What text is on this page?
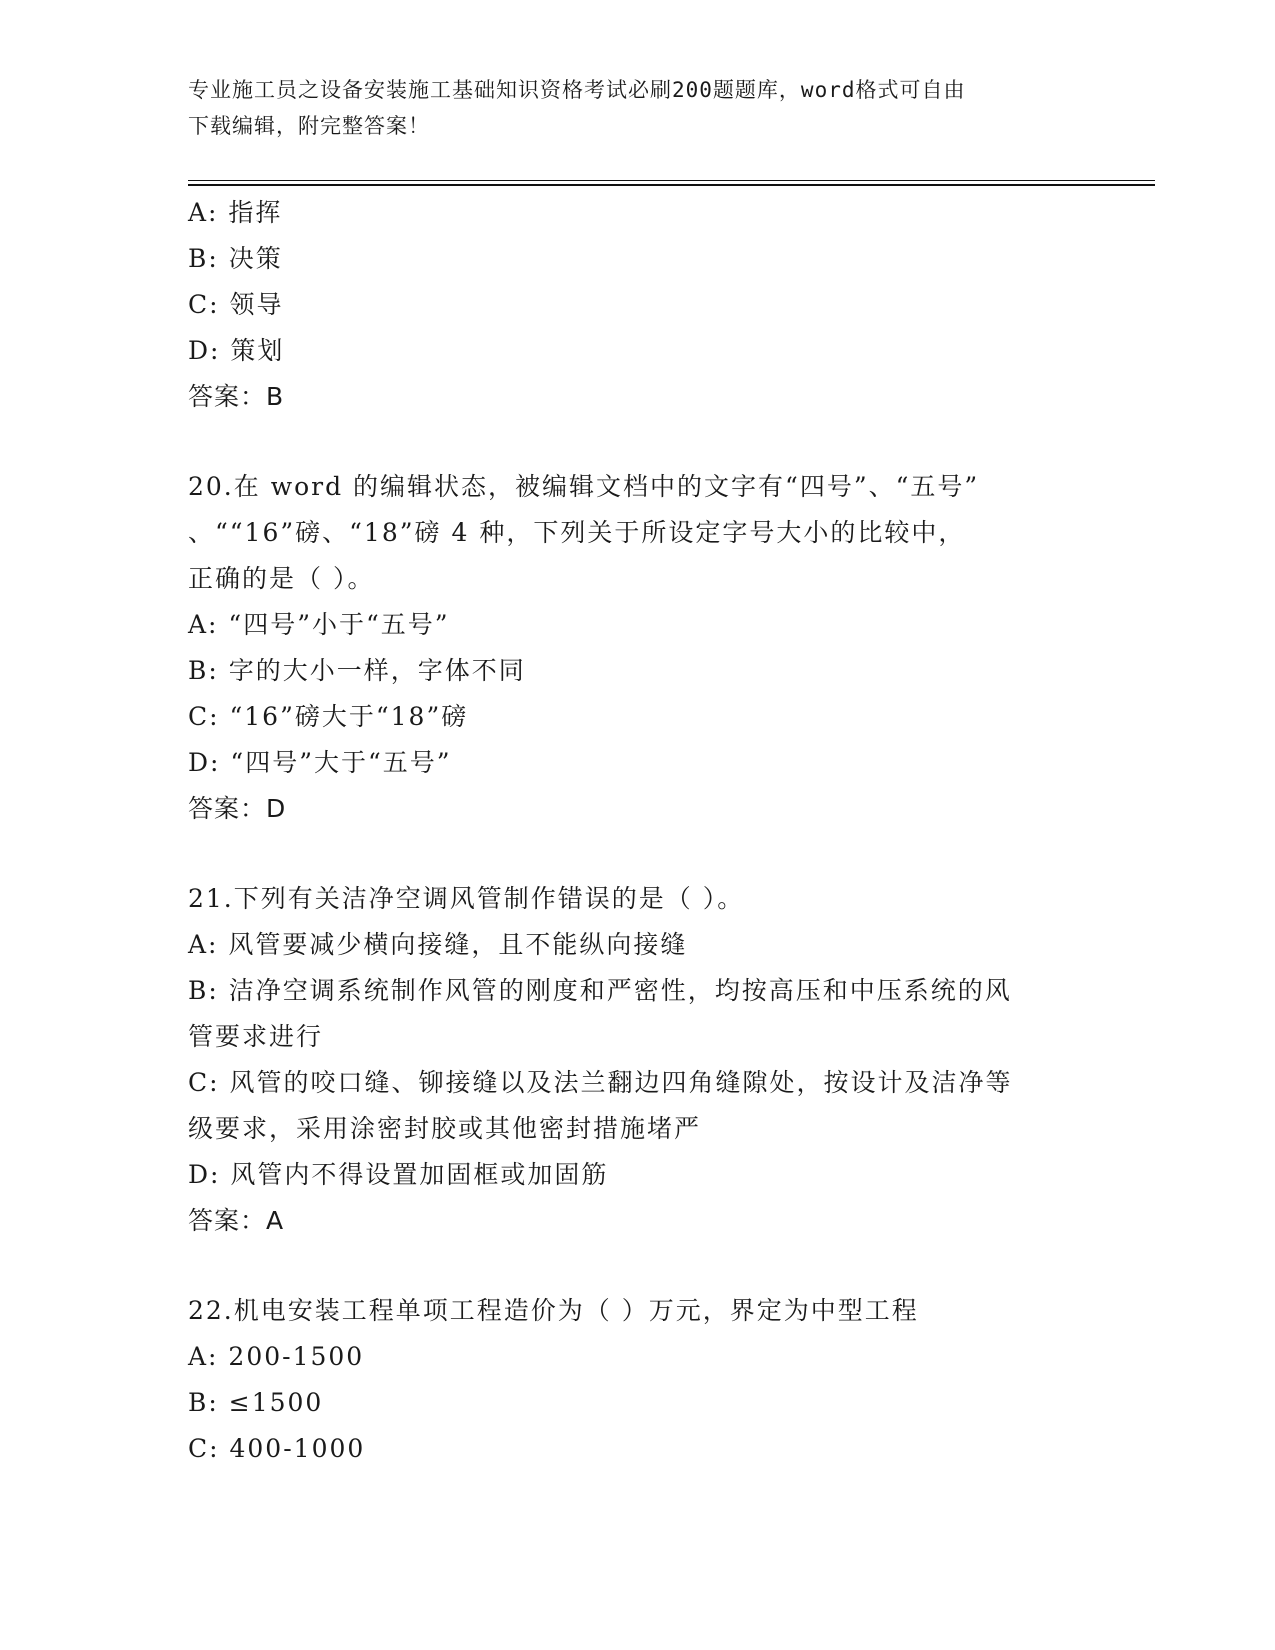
专业施工员之设备安装施工基础知识资格考试必刷200题题库，word格式可自由
下载编辑，附完整答案！
A: 指挥
B: 决策
C: 领导
D: 策划
答案：B
20.在 word 的编辑状态，被编辑文档中的文字有“四号”、“五号”
、““16”磅、“18”磅 4 种，下列关于所设定字号大小的比较中，
正确的是（ ）。
A: “四号”小于“五号”
B: 字的大小一样，字体不同
C: “16”磅大于“18”磅
D: “四号”大于“五号”
答案：D
21.下列有关洁净空调风管制作错误的是（ ）。
A: 风管要减少横向接缝，且不能纵向接缝
B: 洁净空调系统制作风管的刚度和严密性，均按高压和中压系统的风
管要求进行
C: 风管的咬口缝、铆接缝以及法兰翻边四角缝隙处，按设计及洁净等
级要求，采用涂密封胶或其他密封措施堵严
D: 风管内不得设置加固框或加固筋
答案：A
22.机电安装工程单项工程造价为（ ）万元，界定为中型工程
A: 200-1500
B: ≤1500
C: 400-1000
